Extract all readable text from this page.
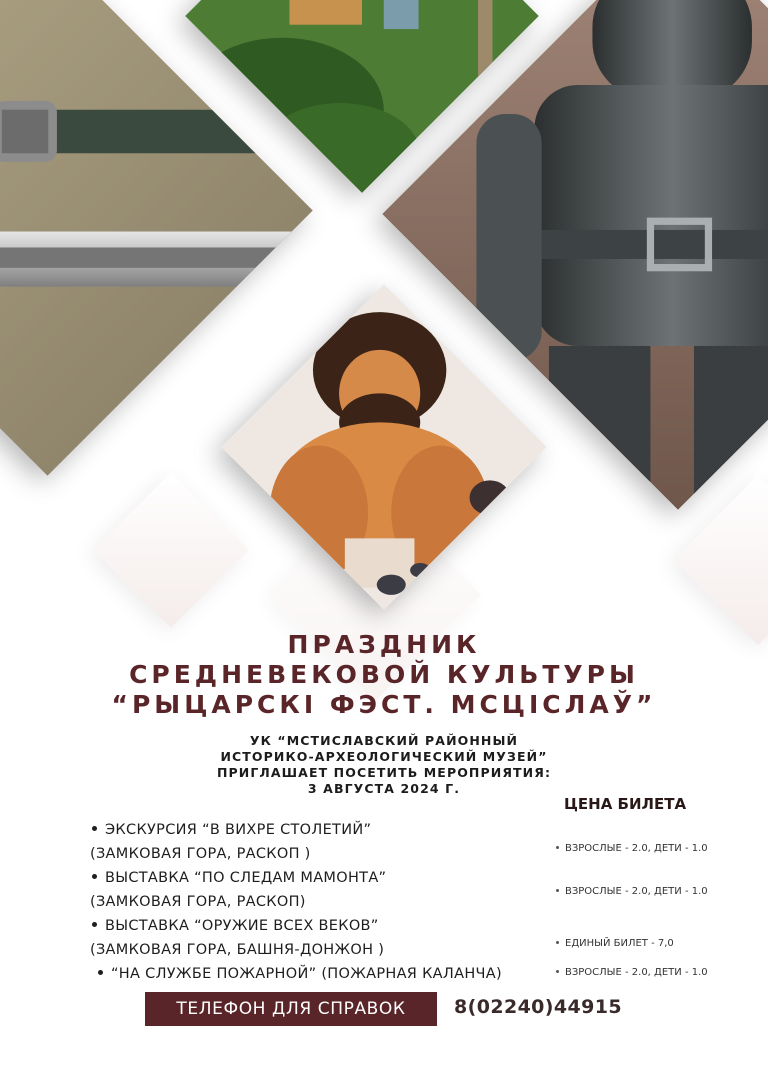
ПРАЗДНИК
СРЕДНЕВЕКОВОЙ КУЛЬТУРЫ
“РЫЦАРСКІ ФЭСТ. МСЦІСЛАЎ”
УК “МСТИСЛАВСКИЙ РАЙОННЫЙ
ИСТОРИКО-АРХЕОЛОГИЧЕСКИЙ МУЗЕЙ”
ПРИГЛАШАЕТ ПОСЕТИТЬ МЕРОПРИЯТИЯ:
3 АВГУСТА 2024 Г.
ЭКСКУРСИЯ “В ВИХРЕ СТОЛЕТИЙ”
(ЗАМКОВАЯ ГОРА, РАСКОП )
ВЫСТАВКА “ПО СЛЕДАМ МАМОНТА”
(ЗАМКОВАЯ ГОРА, РАСКОП)
ВЫСТАВКА “ОРУЖИЕ ВСЕХ ВЕКОВ”
(ЗАМКОВАЯ ГОРА, БАШНЯ-ДОНЖОН )
“НА СЛУЖБЕ ПОЖАРНОЙ” (ПОЖАРНАЯ КАЛАНЧА)
ЦЕНА БИЛЕТА
ВЗРОСЛЫЕ - 2.0, ДЕТИ - 1.0
ВЗРОСЛЫЕ - 2.0, ДЕТИ - 1.0
ЕДИНЫЙ БИЛЕТ - 7,0
ВЗРОСЛЫЕ - 2.0, ДЕТИ - 1.0
ТЕЛЕФОН ДЛЯ СПРАВОК	8(02240)44915
